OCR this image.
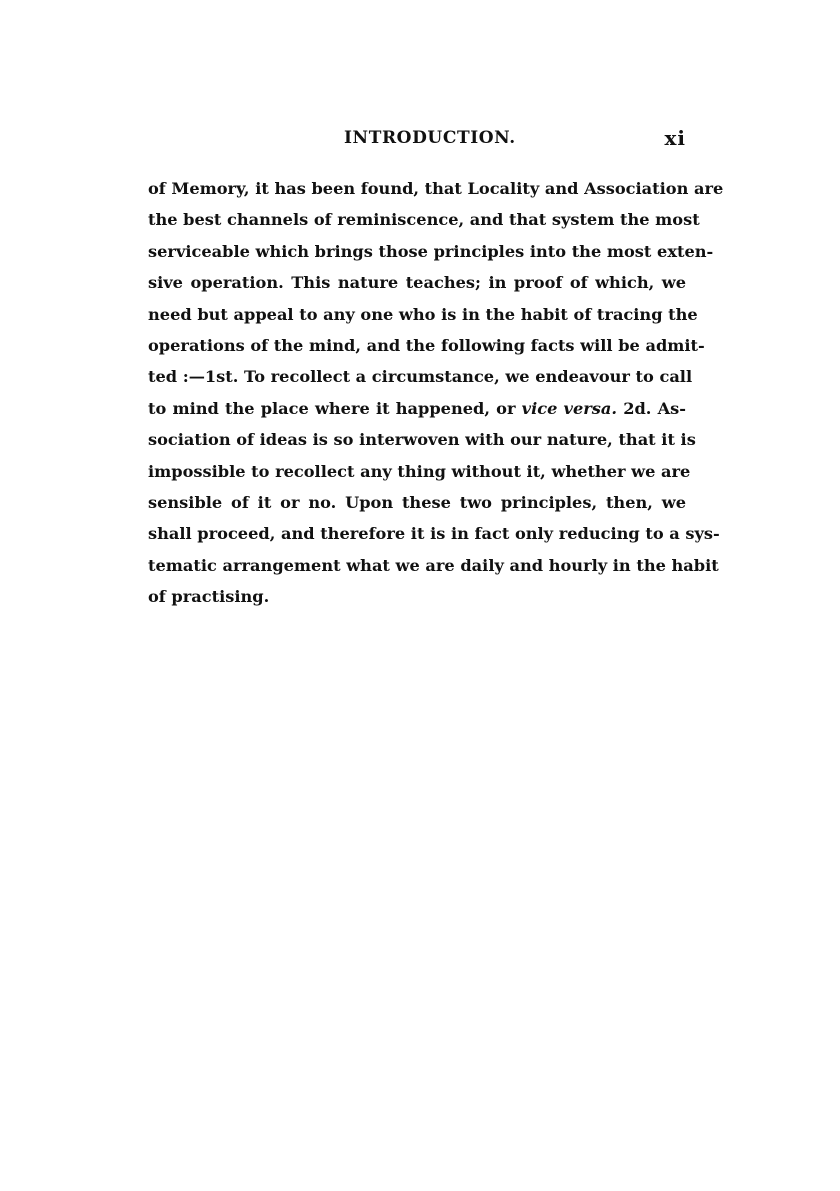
INTRODUCTION.	xi
of Memory, it has been found, that Locality and Association are
the best channels of reminiscence, and that system the most
serviceable which brings those principles into the most exten-
sive operation. This nature teaches; in proof of which, we
need but appeal to any one who is in the habit of tracing the
operations of the mind, and the following facts will be admit-
ted :—1st. To recollect a circumstance, we endeavour to call
to mind the place where it happened, or vice versa. 2d. As-
sociation of ideas is so interwoven with our nature, that it is
impossible to recollect any thing without it, whether we are
sensible of it or no. Upon these two principles, then, we
shall proceed, and therefore it is in fact only reducing to a sys-
tematic arrangement what we are daily and hourly in the habit
of practising.
